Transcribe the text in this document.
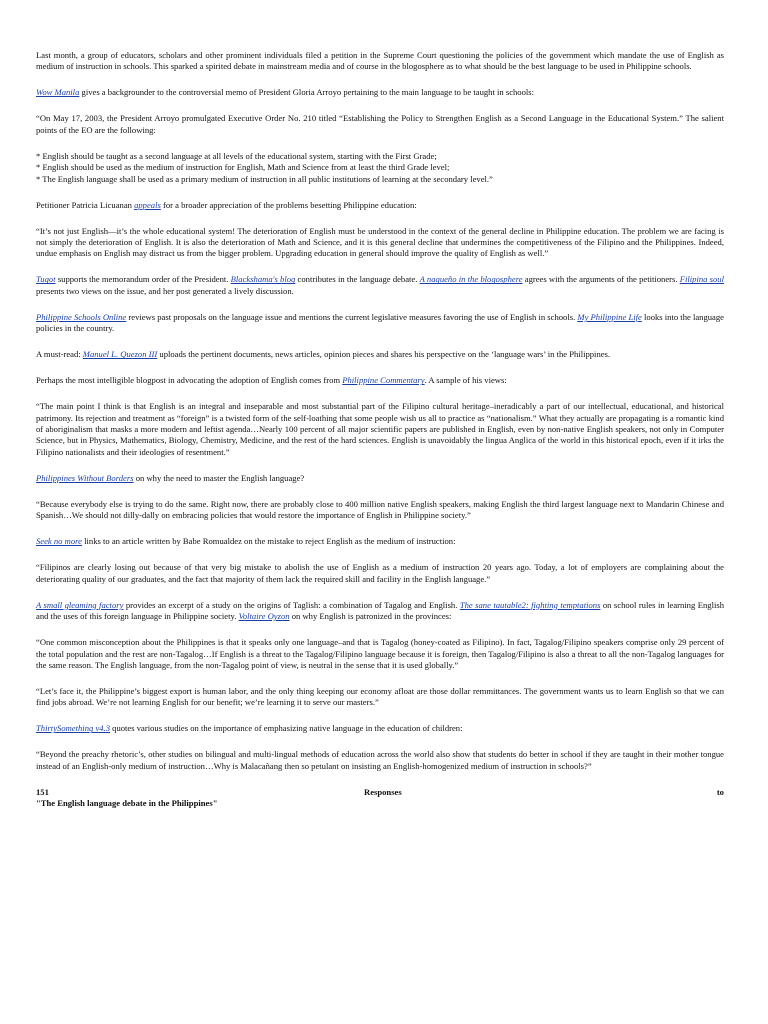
Last month, a group of educators, scholars and other prominent individuals filed a petition in the Supreme Court questioning the policies of the government which mandate the use of English as medium of instruction in schools. This sparked a spirited debate in mainstream media and of course in the blogosphere as to what should be the best language to be used in Philippine schools.

Wow Manila gives a backgrounder to the controversial memo of President Gloria Arroyo pertaining to the main language to be taught in schools:

“On May 17, 2003, the President Arroyo promulgated Executive Order No. 210 titled “Establishing the Policy to Strengthen English as a Second Language in the Educational System.” The salient points of the EO are the following:

* English should be taught as a second language at all levels of the educational system, starting with the First Grade;
* English should be used as the medium of instruction for English, Math and Science from at least the third Grade level;
* The English language shall be used as a primary medium of instruction in all public institutions of learning at the secondary level.”

Petitioner Patricia Licuanan appeals for a broader appreciation of the problems besetting Philippine education:

“It’s not just English—it’s the whole educational system! The deterioration of English must be understood in the context of the general decline in Philippine education. The problem we are facing is not simply the deterioration of English. It is also the deterioration of Math and Science, and it is this general decline that undermines the competitiveness of the Filipino and the Philippines. Indeed, undue emphasis on English may distract us from the bigger problem. Upgrading education in general should improve the quality of English as well.”

Tugot supports the memorandum order of the President. Blackshama's blog contributes in the language debate. A nagueño in the blogosphere agrees with the arguments of the petitioners. Filipina soul presents two views on the issue, and her post generated a lively discussion.

Philippine Schools Online reviews past proposals on the language issue and mentions the current legislative measures favoring the use of English in schools. My Philippine Life looks into the language policies in the country.

A must-read: Manuel L. Quezon III uploads the pertinent documents, news articles, opinion pieces and shares his perspective on the ‘language wars’ in the Philippines.

Perhaps the most intelligible blogpost in advocating the adoption of English comes from Philippine Commentary. A sample of his views:

“The main point I think is that English is an integral and inseparable and most substantial part of the Filipino cultural heritage–ineradicably a part of our intellectual, educational, and historical patrimony. Its rejection and treatment as “foreign” is a twisted form of the self-loathing that some people wish us all to practice as “nationalism.” What they actually are propagating is a romantic kind of aboriginalism that masks a more modern and leftist agenda…Nearly 100 percent of all major scientific papers are published in English, even by non-native English speakers, not only in Computer Science, but in Physics, Mathematics, Biology, Chemistry, Medicine, and the rest of the hard sciences. English is unavoidably the lingua Anglica of the world in this historical epoch, even if it irks the Filipino nationalists and their ideologies of resentment.”

Philippines Without Borders on why the need to master the English language?

“Because everybody else is trying to do the same. Right now, there are probably close to 400 million native English speakers, making English the third largest language next to Mandarin Chinese and Spanish…We should not dilly-dally on embracing policies that would restore the importance of English in Philippine society.”

Seek no more links to an article written by Babe Romualdez on the mistake to reject English as the medium of instruction:

“Filipinos are clearly losing out because of that very big mistake to abolish the use of English as a medium of instruction 20 years ago. Today, a lot of employers are complaining about the deteriorating quality of our graduates, and the fact that majority of them lack the required skill and facility in the English language.”

A small gleaming factory provides an excerpt of a study on the origins of Taglish: a combination of Tagalog and English. The sane tautable2: fighting temptations on school rules in learning English and the uses of this foreign language in Philippine society. Voltaire Oyzon on why English is patronized in the provinces:

“One common misconception about the Philippines is that it speaks only one language–and that is Tagalog (honey-coated as Filipino). In fact, Tagalog/Filipino speakers comprise only 29 percent of the total population and the rest are non-Tagalog…If English is a threat to the Tagalog/Filipino language because it is foreign, then Tagalog/Filipino is also a threat to all the non-Tagalog languages for the same reason. The English language, from the non-Tagalog point of view, is neutral in the sense that it is used globally.”

“Let’s face it, the Philippine’s biggest export is human labor, and the only thing keeping our economy afloat are those dollar remmittances. The government wants us to learn English so that we can find jobs abroad. We’re not learning English for our benefit; we’re learning it to serve our masters.”

ThirtySomething v4.3 quotes various studies on the importance of emphasizing native language in the education of children:

“Beyond the preachy rhetoric’s, other studies on bilingual and multi-lingual methods of education across the world also show that students do better in school if they are taught in their mother tongue instead of an English-only medium of instruction…Why is Malacañang then so petulant on insisting an English-homogenized medium of instruction in schools?”

151	Responses	to
"The English language debate in the Philippines"
